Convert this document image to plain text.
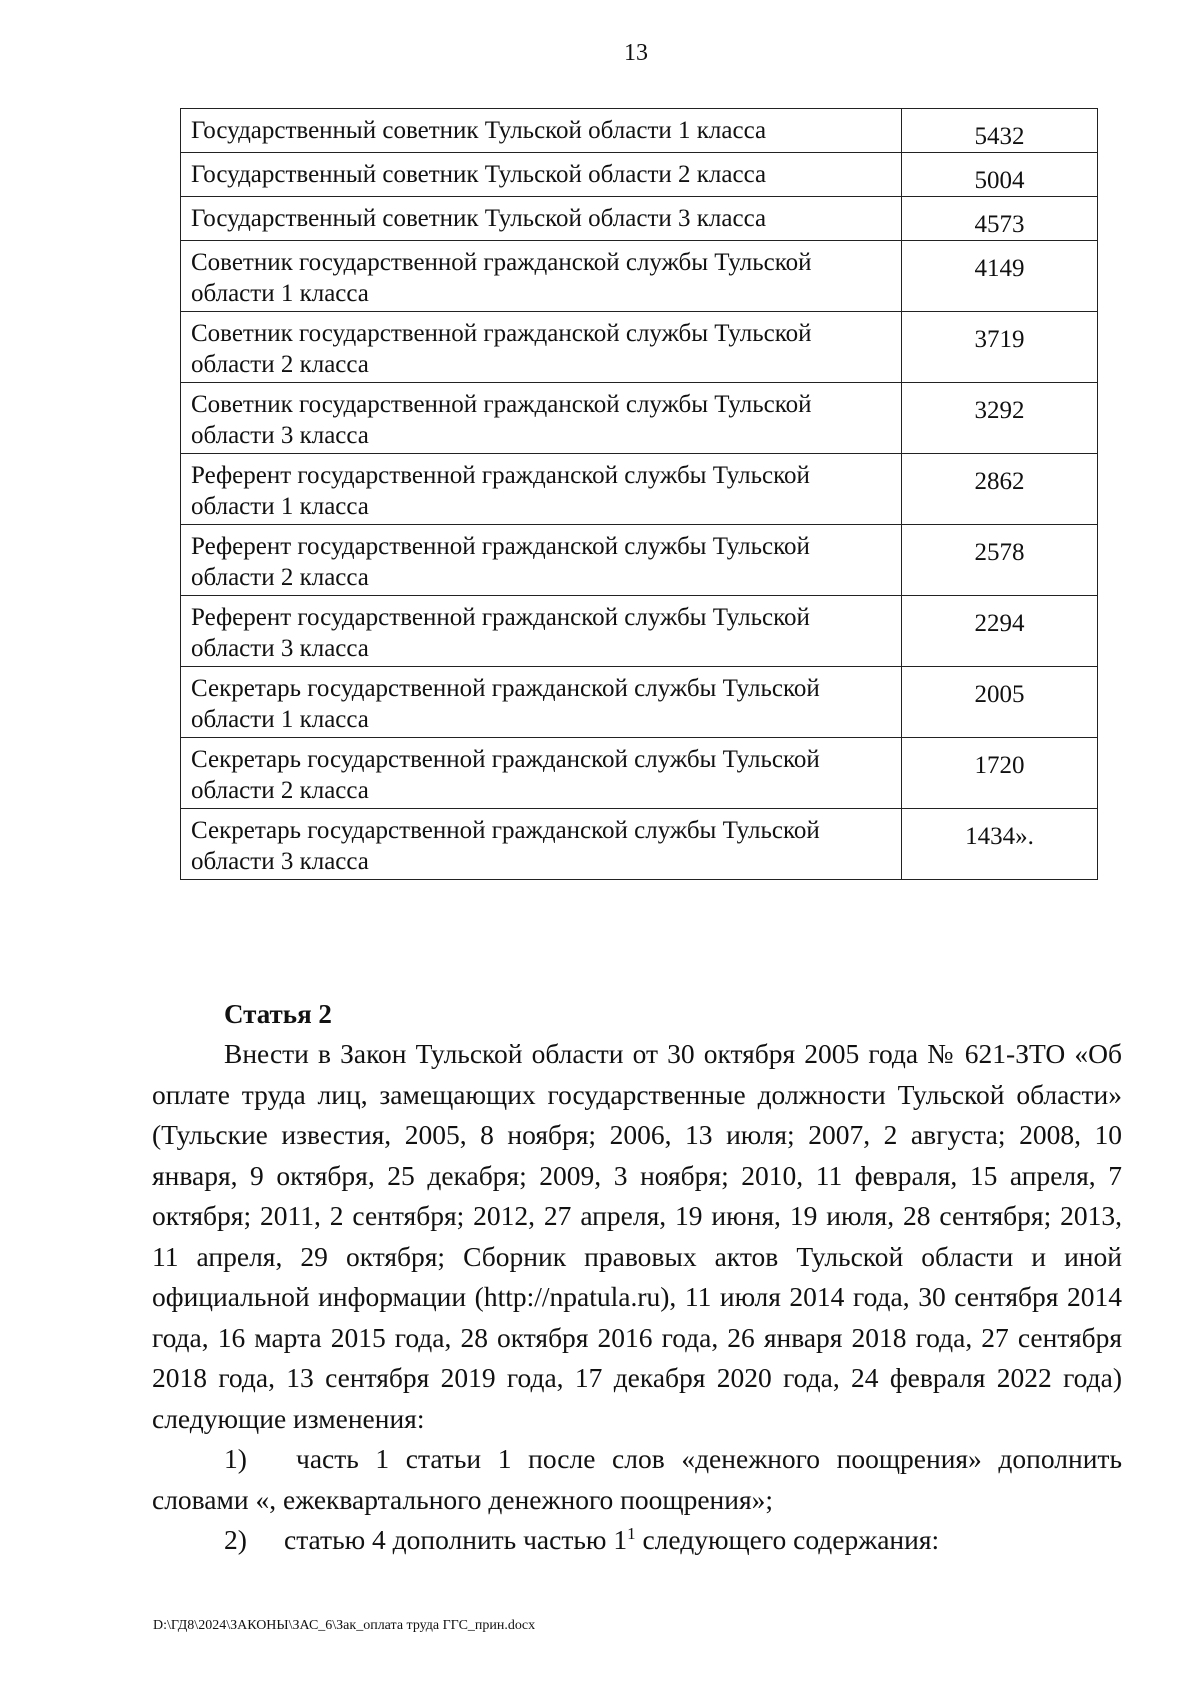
13
Государственный советник Тульской области 1 класса	5432
Государственный советник Тульской области 2 класса	5004
Государственный советник Тульской области 3 класса	4573
Советник государственной гражданской службы Тульской области 1 класса	4149
Советник государственной гражданской службы Тульской области 2 класса	3719
Советник государственной гражданской службы Тульской области 3 класса	3292
Референт государственной гражданской службы Тульской области 1 класса	2862
Референт государственной гражданской службы Тульской области 2 класса	2578
Референт государственной гражданской службы Тульской области 3 класса	2294
Секретарь государственной гражданской службы Тульской области 1 класса	2005
Секретарь государственной гражданской службы Тульской области 2 класса	1720
Секретарь государственной гражданской службы Тульской области 3 класса	1434».

Статья 2

Внести в Закон Тульской области от 30 октября 2005 года № 621-ЗТО «Об оплате труда лиц, замещающих государственные должности Тульской области» (Тульские известия, 2005, 8 ноября; 2006, 13 июля; 2007, 2 августа; 2008, 10 января, 9 октября, 25 декабря; 2009, 3 ноября; 2010, 11 февраля, 15 апреля, 7 октября; 2011, 2 сентября; 2012, 27 апреля, 19 июня, 19 июля, 28 сентября; 2013, 11 апреля, 29 октября; Сборник правовых актов Тульской области и иной официальной информации (http://npatula.ru), 11 июля 2014 года, 30 сентября 2014 года, 16 марта 2015 года, 28 октября 2016 года, 26 января 2018 года, 27 сентября 2018 года, 13 сентября 2019 года, 17 декабря 2020 года, 24 февраля 2022 года) следующие изменения:

1) часть 1 статьи 1 после слов «денежного поощрения» дополнить словами «, ежеквартального денежного поощрения»;

2) статью 4 дополнить частью $1^1$ следующего содержания:

D:\ГД8\2024\ЗАКОНЫ\ЗАС_6\Зак_оплата труда ГГС_прин.docx
